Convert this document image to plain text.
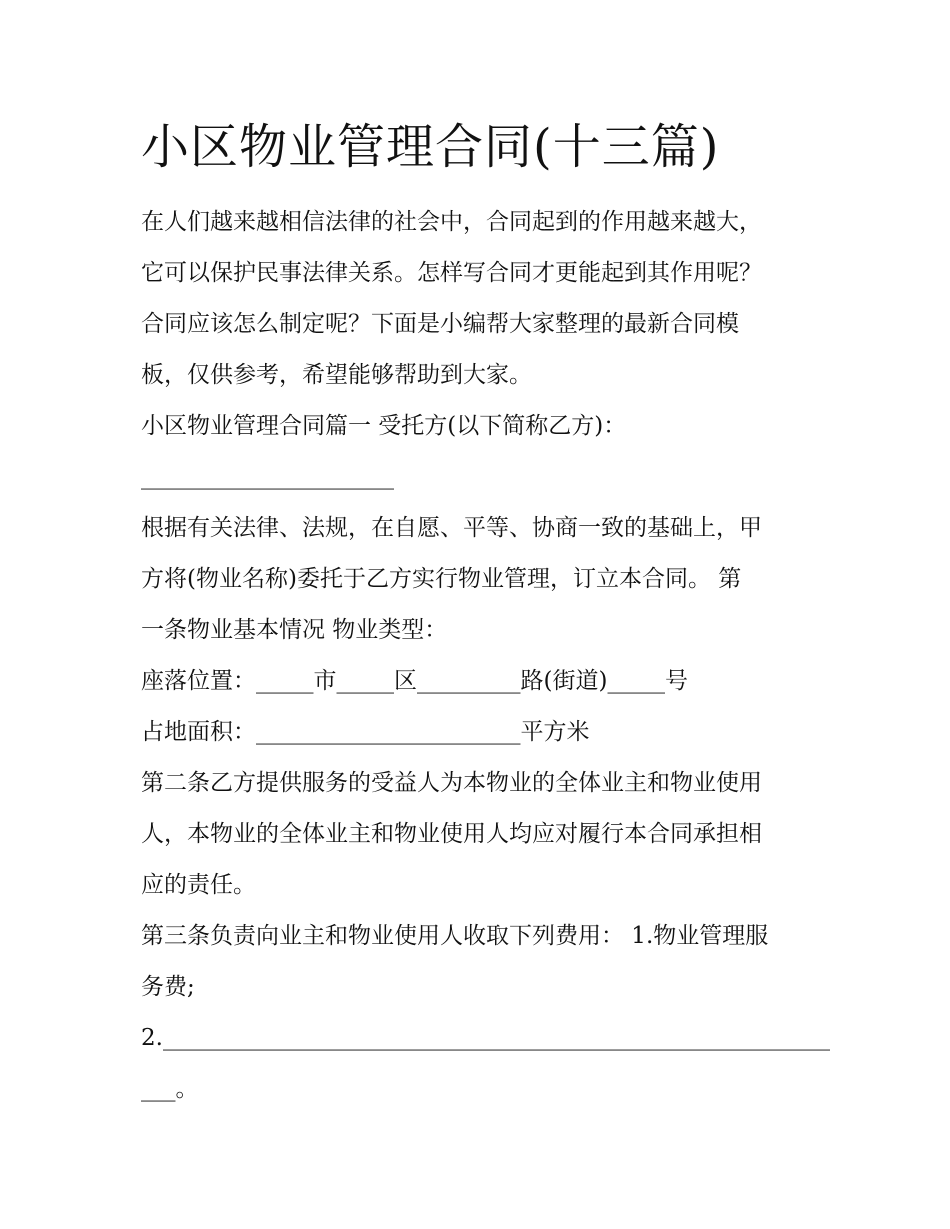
小区物业管理合同(十三篇)
在人们越来越相信法律的社会中，合同起到的作用越来越大，
它可以保护民事法律关系。怎样写合同才更能起到其作用呢？
合同应该怎么制定呢？下面是小编帮大家整理的最新合同模
板，仅供参考，希望能够帮助到大家。
小区物业管理合同篇一 受托方(以下简称乙方)：
______________________
根据有关法律、法规，在自愿、平等、协商一致的基础上，甲
方将(物业名称)委托于乙方实行物业管理，订立本合同。 第
一条物业基本情况 物业类型：
座落位置：_____市_____区_________路(街道)_____号
占地面积：_______________________平方米
第二条乙方提供服务的受益人为本物业的全体业主和物业使用
人，本物业的全体业主和物业使用人均应对履行本合同承担相
应的责任。
第三条负责向业主和物业使用人收取下列费用： 1.物业管理服
务费;
2.__________________________________________________________
___。
